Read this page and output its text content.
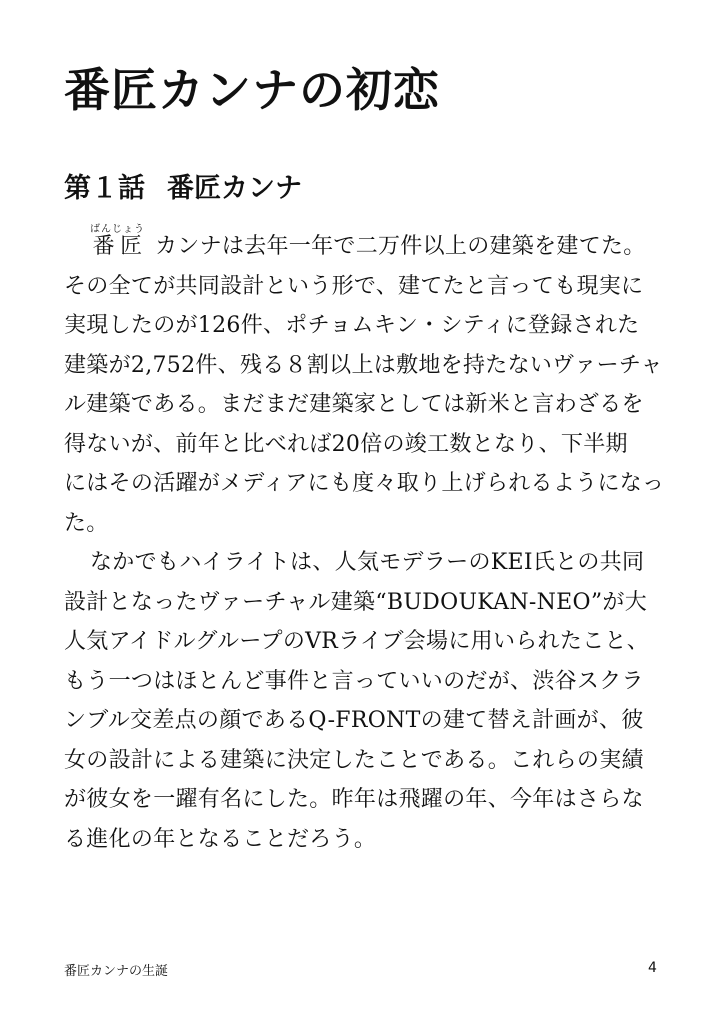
番匠カンナの初恋
第１話 番匠カンナ
番匠ばんじょうカンナは去年一年で二万件以上の建築を建てた。
その全てが共同設計という形で、建てたと言っても現実に
実現したのが126件、ポチョムキン・シティに登録された
建築が2,752件、残る８割以上は敷地を持たないヴァーチャ
ル建築である。まだまだ建築家としては新米と言わざるを
得ないが、前年と比べれば20倍の竣工数となり、下半期
にはその活躍がメディアにも度々取り上げられるようになっ
た。
なかでもハイライトは、人気モデラーのKEI氏との共同
設計となったヴァーチャル建築“BUDOUKAN-NEO”が大
人気アイドルグループのVRライブ会場に用いられたこと、
もう一つはほとんど事件と言っていいのだが、渋谷スクラ
ンブル交差点の顔であるQ-FRONTの建て替え計画が、彼
女の設計による建築に決定したことである。これらの実績
が彼女を一躍有名にした。昨年は飛躍の年、今年はさらな
る進化の年となることだろう。
番匠カンナの生誕	4
